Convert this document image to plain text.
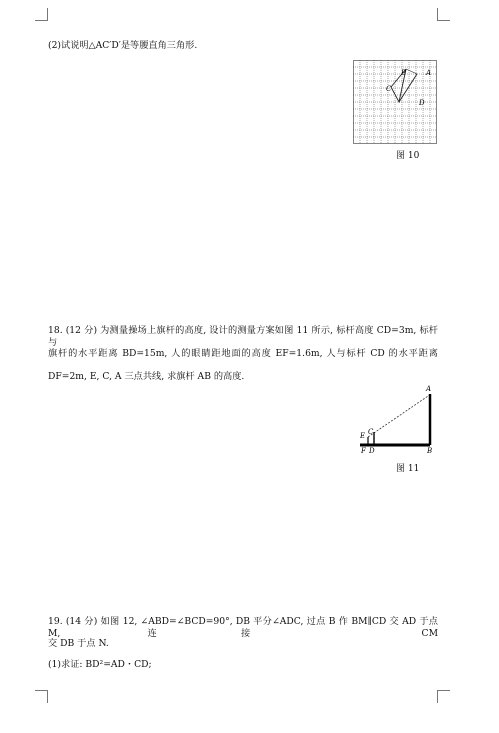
(2)试说明△AC′D′是等腰直角三角形.
B	A
C
D
图 10
18. (12 分) 为测量操场上旗杆的高度, 设计的测量方案如图 11 所示, 标杆高度 CD=3m, 标杆与
旗杆的水平距离 BD=15m, 人的眼睛距地面的高度 EF=1.6m, 人与标杆 CD 的水平距离
DF=2m, E, C, A 三点共线, 求旗杆 AB 的高度.
A
B
C
E
F D
图 11
19. (14 分) 如图 12, ∠ABD=∠BCD=90°, DB 平分∠ADC, 过点 B 作 BM∥CD 交 AD 于点 M, 连接 CM
交 DB 于点 N.
(1)求证: BD²=AD・CD;
